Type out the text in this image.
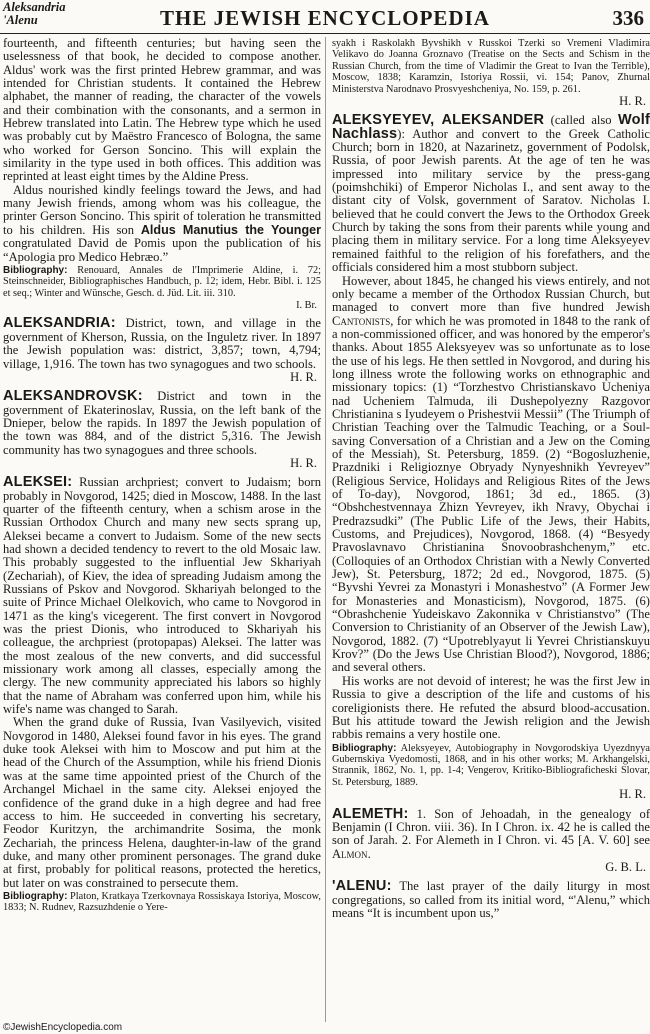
Aleksandria
'Alenu	THE JEWISH ENCYCLOPEDIA	336

fourteenth, and fifteenth centuries; but having seen the uselessness of that book, he decided to compose another. Aldus' work was the first printed Hebrew grammar, and was intended for Christian students. It contained the Hebrew alphabet, the manner of reading, the character of the vowels and their combination with the consonants, and a sermon in Hebrew translated into Latin. The Hebrew type which he used was probably cut by Maëstro Francesco of Bologna, the same who worked for Gerson Soncino. This will explain the similarity in the type used in both offices. This addition was reprinted at least eight times by the Aldine Press.

Aldus nourished kindly feelings toward the Jews, and had many Jewish friends, among whom was his colleague, the printer Gerson Soncino. This spirit of toleration he transmitted to his children. His son Aldus Manutius the Younger congratulated David de Pomis upon the publication of his “Apologia pro Medico Hebræo.”

Bibliography: Renouard, Annales de l'Imprimerie Aldine, i. 72; Steinschneider, Bibliographisches Handbuch, p. 12; idem, Hebr. Bibl. i. 125 et seq.; Winter and Wünsche, Gesch. d. Jüd. Lit. iii. 310.

I. Br.

ALEKSANDRIA: District, town, and village in the government of Kherson, Russia, on the Inguletz river. In 1897 the Jewish population was: district, 3,857; town, 4,794; village, 1,916. The town has two synagogues and two schools.

H. R.

ALEKSANDROVSK: District and town in the government of Ekaterinoslav, Russia, on the left bank of the Dnieper, below the rapids. In 1897 the Jewish population of the town was 884, and of the district 5,316. The Jewish community has two synagogues and three schools.

H. R.

ALEKSEI: Russian archpriest; convert to Judaism; born probably in Novgorod, 1425; died in Moscow, 1488. In the last quarter of the fifteenth century, when a schism arose in the Russian Orthodox Church and many new sects sprang up, Aleksei became a convert to Judaism. Some of the new sects had shown a decided tendency to revert to the old Mosaic law. This probably suggested to the influential Jew Skhariyah (Zechariah), of Kiev, the idea of spreading Judaism among the Russians of Pskov and Novgorod. Skhariyah belonged to the suite of Prince Michael Olelkovich, who came to Novgorod in 1471 as the king's vicegerent. The first convert in Novgorod was the priest Dionis, who introduced to Skhariyah his colleague, the archpriest (protopapas) Aleksei. The latter was the most zealous of the new converts, and did successful missionary work among all classes, especially among the clergy. The new community appreciated his labors so highly that the name of Abraham was conferred upon him, while his wife's name was changed to Sarah.

When the grand duke of Russia, Ivan Vasilyevich, visited Novgorod in 1480, Aleksei found favor in his eyes. The grand duke took Aleksei with him to Moscow and put him at the head of the Church of the Assumption, while his friend Dionis was at the same time appointed priest of the Church of the Archangel Michael in the same city. Aleksei enjoyed the confidence of the grand duke in a high degree and had free access to him. He succeeded in converting his secretary, Feodor Kuritzyn, the archimandrite Sosima, the monk Zechariah, the princess Helena, daughter-in-law of the grand duke, and many other prominent personages. The grand duke at first, probably for political reasons, protected the heretics, but later on was constrained to persecute them.

Bibliography: Platon, Kratkaya Tzerkovnaya Rossiskaya Istoriya, Moscow, 1833; N. Rudnev, Razsuzhdenie o Yere-

syakh i Raskolakh Byvshikh v Russkoi Tzerki so Vremeni Vladimira Velikavo do Joanna Groznavo (Treatise on the Sects and Schism in the Russian Church, from the time of Vladimir the Great to Ivan the Terrible), Moscow, 1838; Karamzin, Istoriya Rossii, vi. 154; Panov, Zhurnal Ministerstva Narodnavo Prosvyeshcheniya, No. 159, p. 261.

H. R.

ALEKSYEYEV, ALEKSANDER (called also Wolf Nachlass): Author and convert to the Greek Catholic Church; born in 1820, at Nazarinetz, government of Podolsk, Russia, of poor Jewish parents. At the age of ten he was impressed into military service by the press-gang (poimshchiki) of Emperor Nicholas I., and sent away to the distant city of Volsk, government of Saratov. Nicholas I. believed that he could convert the Jews to the Orthodox Greek Church by taking the sons from their parents while young and placing them in military service. For a long time Aleksyeyev remained faithful to the religion of his forefathers, and the officials considered him a most stubborn subject.

However, about 1845, he changed his views entirely, and not only became a member of the Orthodox Russian Church, but managed to convert more than five hundred Jewish Cantonists, for which he was promoted in 1848 to the rank of a non-commissioned officer, and was honored by the emperor's thanks. About 1855 Aleksyeyev was so unfortunate as to lose the use of his legs. He then settled in Novgorod, and during his long illness wrote the following works on ethnographic and missionary topics: (1) “Torzhestvo Christianskavo Ucheniya nad Ucheniem Talmuda, ili Dushepolyezny Razgovor Christianina s Iyudeyem o Prishestvii Messii” (The Triumph of Christian Teaching over the Talmudic Teaching, or a Soul-saving Conversation of a Christian and a Jew on the Coming of the Messiah), St. Petersburg, 1859. (2) “Bogosluzhenie, Prazdniki i Religioznye Obryady Nynyeshnikh Yevreyev” (Religious Service, Holidays and Religious Rites of the Jews of To-day), Novgorod, 1861; 3d ed., 1865. (3) “Obshchestvennaya Zhizn Yevreyev, ikh Nravy, Obychai i Predrazsudki” (The Public Life of the Jews, their Habits, Customs, and Prejudices), Novgorod, 1868. (4) “Besyedy Pravoslavnavo Christianina Snovoobrashchenym,” etc. (Colloquies of an Orthodox Christian with a Newly Converted Jew), St. Petersburg, 1872; 2d ed., Novgorod, 1875. (5) “Byvshi Yevrei za Monastyri i Monashestvo” (A Former Jew for Monasteries and Monasticism), Novgorod, 1875. (6) “Obrashchenie Yudeiskavo Zakonnika v Christianstvo” (The Conversion to Christianity of an Observer of the Jewish Law), Novgorod, 1882. (7) “Upotreblyayut li Yevrei Christianskuyu Krov?” (Do the Jews Use Christian Blood?), Novgorod, 1886; and several others.

His works are not devoid of interest; he was the first Jew in Russia to give a description of the life and customs of his coreligionists there. He refuted the absurd blood-accusation. But his attitude toward the Jewish religion and the Jewish rabbis remains a very hostile one.

Bibliography: Aleksyeyev, Autobiography in Novgorodskiya Uyezdnyya Gubernskiya Vyedomosti, 1868, and in his other works; M. Arkhangelski, Strannik, 1862, No. 1, pp. 1-4; Vengerov, Kritiko-Bibliograficheski Slovar, St. Petersburg, 1889.

H. R.

ALEMETH: 1. Son of Jehoadah, in the genealogy of Benjamin (I Chron. viii. 36). In I Chron. ix. 42 he is called the son of Jarah. 2. For Alemeth in I Chron. vi. 45 [A. V. 60] see Almon.

G. B. L.

'ALENU: The last prayer of the daily liturgy in most congregations, so called from its initial word, “'Alenu,” which means “It is incumbent upon us,”

©JewishEncyclopedia.com
